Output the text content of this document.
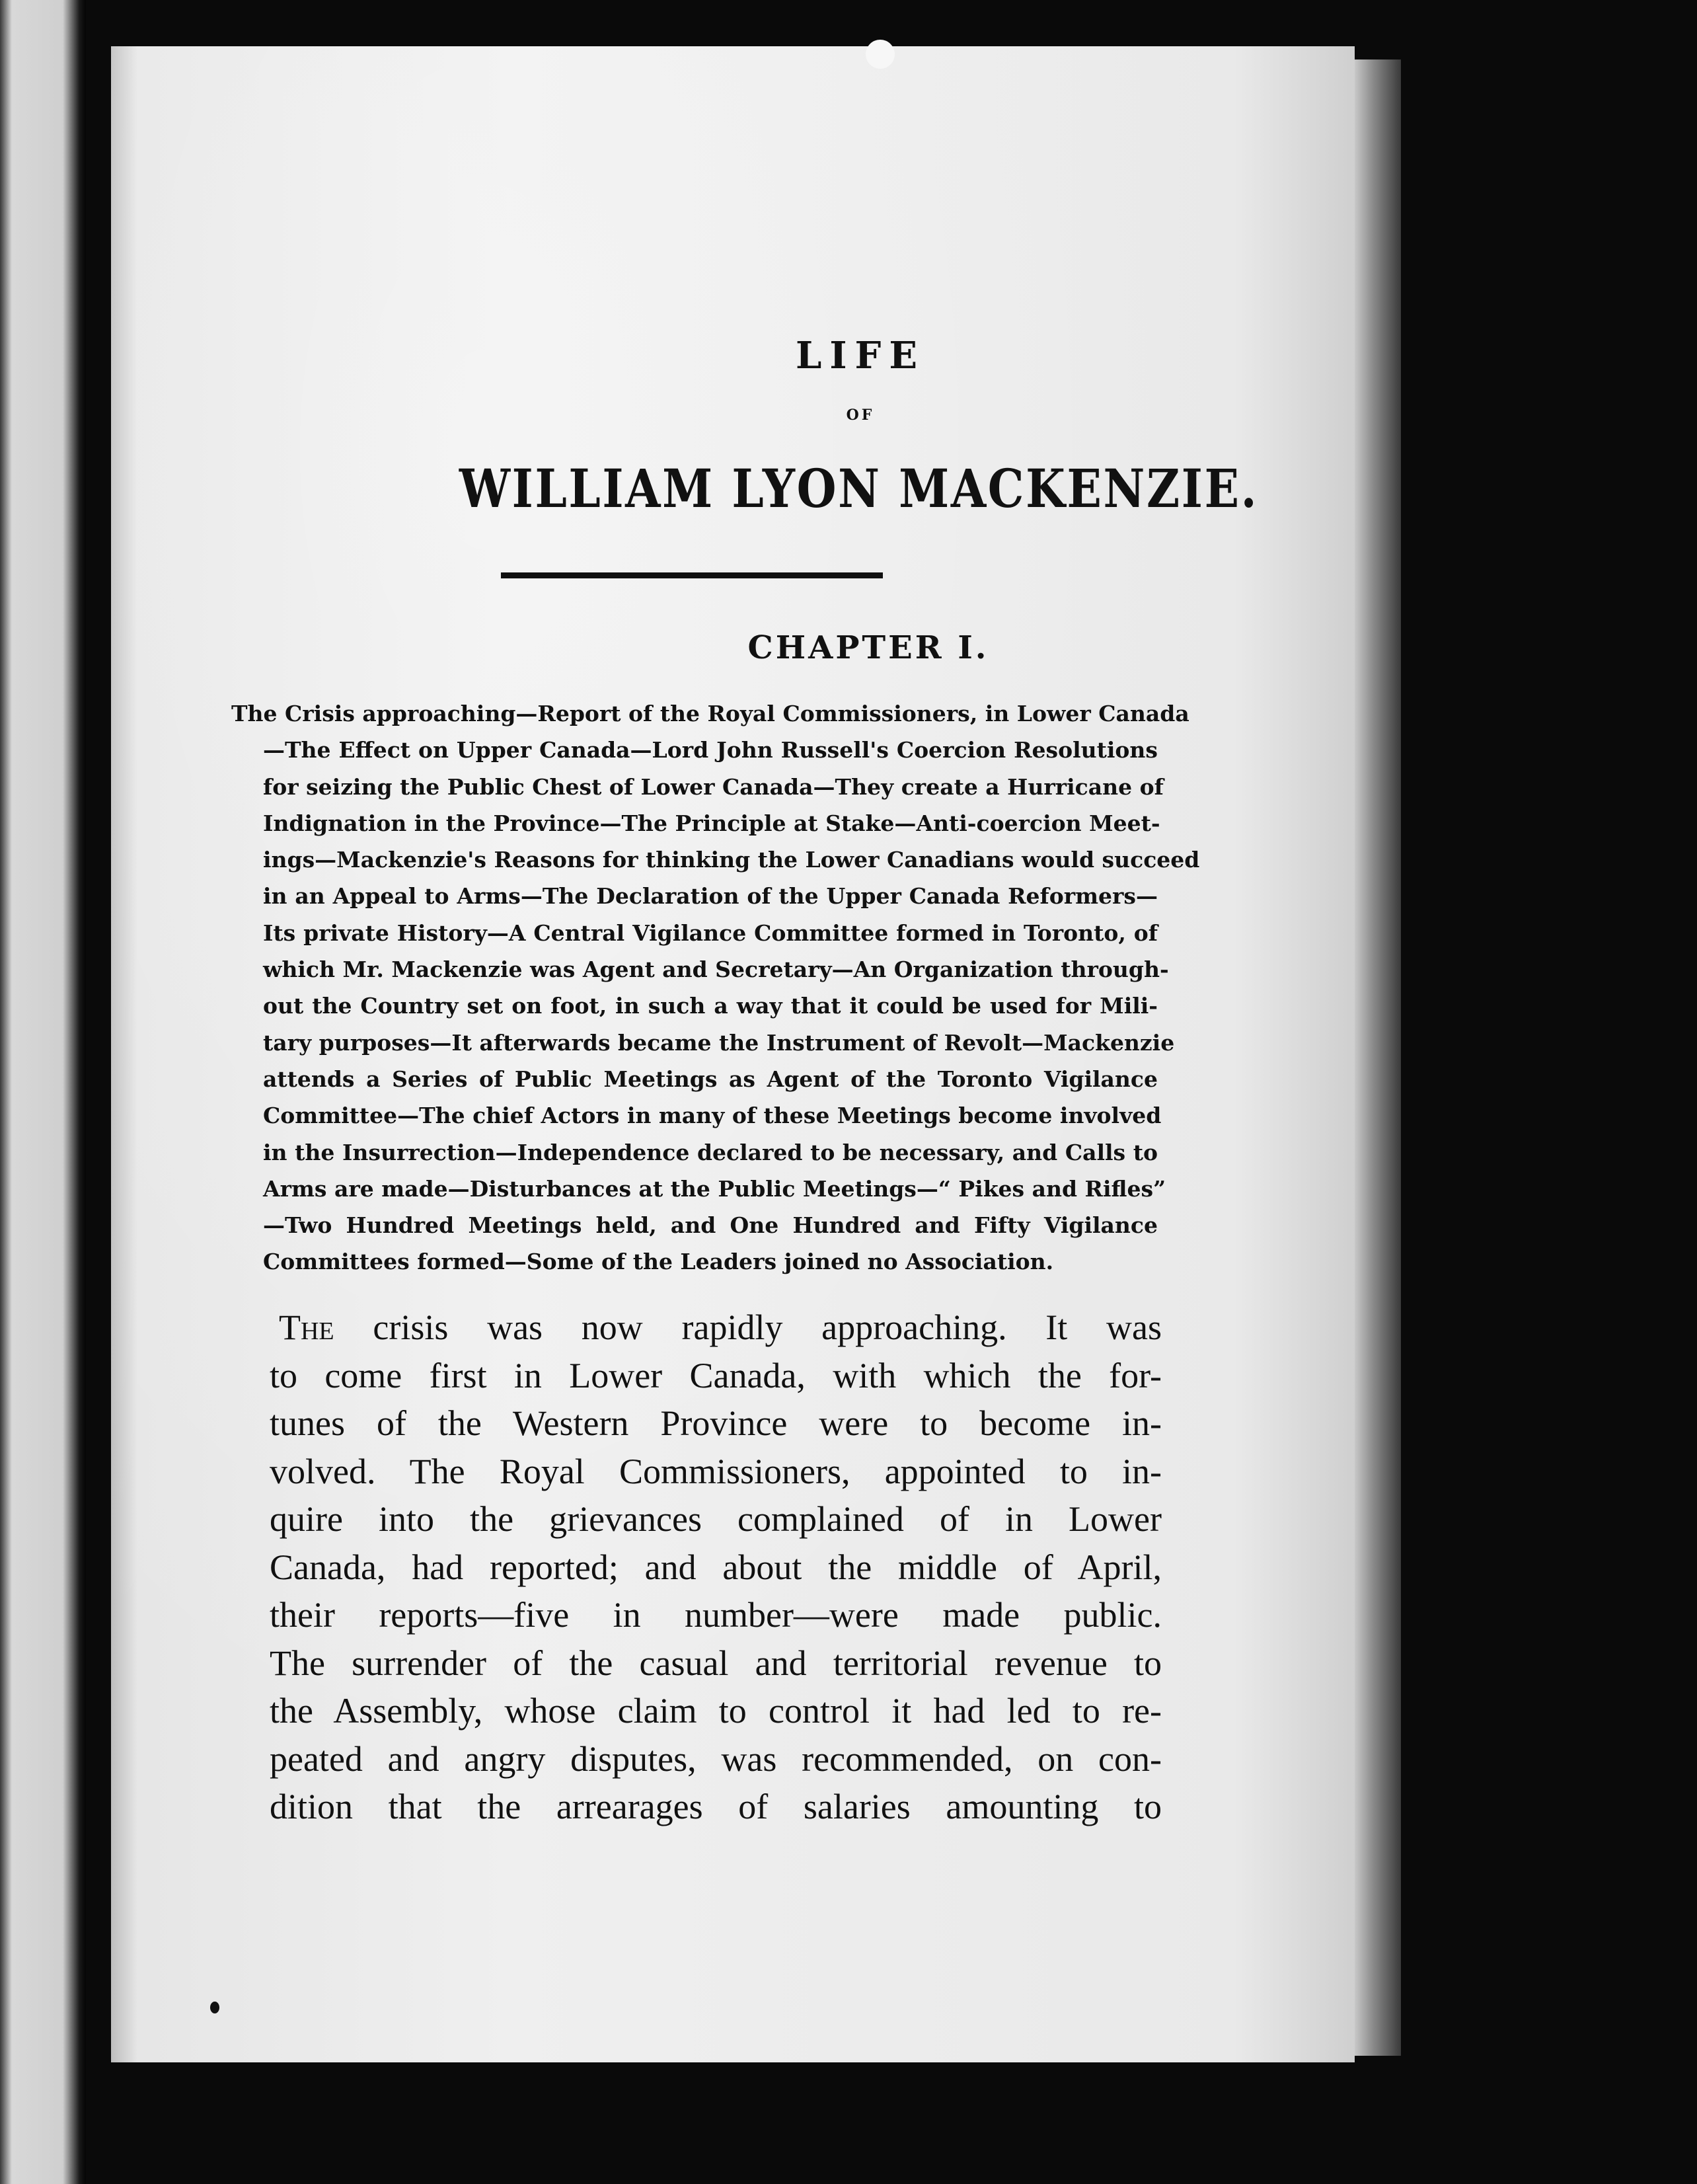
LIFE
OF
WILLIAM LYON MACKENZIE.
CHAPTER I.
The Crisis approaching—Report of the Royal Commissioners, in Lower Canada
—The Effect on Upper Canada—Lord John Russell's Coercion Resolutions
for seizing the Public Chest of Lower Canada—They create a Hurricane of
Indignation in the Province—The Principle at Stake—Anti-coercion Meet-
ings—Mackenzie's Reasons for thinking the Lower Canadians would succeed
in an Appeal to Arms—The Declaration of the Upper Canada Reformers—
Its private History—A Central Vigilance Committee formed in Toronto, of
which Mr. Mackenzie was Agent and Secretary—An Organization through-
out the Country set on foot, in such a way that it could be used for Mili-
tary purposes—It afterwards became the Instrument of Revolt—Mackenzie
attends a Series of Public Meetings as Agent of the Toronto Vigilance
Committee—The chief Actors in many of these Meetings become involved
in the Insurrection—Independence declared to be necessary, and Calls to
Arms are made—Disturbances at the Public Meetings—“ Pikes and Rifles”
—Two Hundred Meetings held, and One Hundred and Fifty Vigilance
Committees formed—Some of the Leaders joined no Association.
The crisis was now rapidly approaching. It was
to come first in Lower Canada, with which the for-
tunes of the Western Province were to become in-
volved. The Royal Commissioners, appointed to in-
quire into the grievances complained of in Lower
Canada, had reported; and about the middle of April,
their reports—five in number—were made public.
The surrender of the casual and territorial revenue to
the Assembly, whose claim to control it had led to re-
peated and angry disputes, was recommended, on con-
dition that the arrearages of salaries amounting to
